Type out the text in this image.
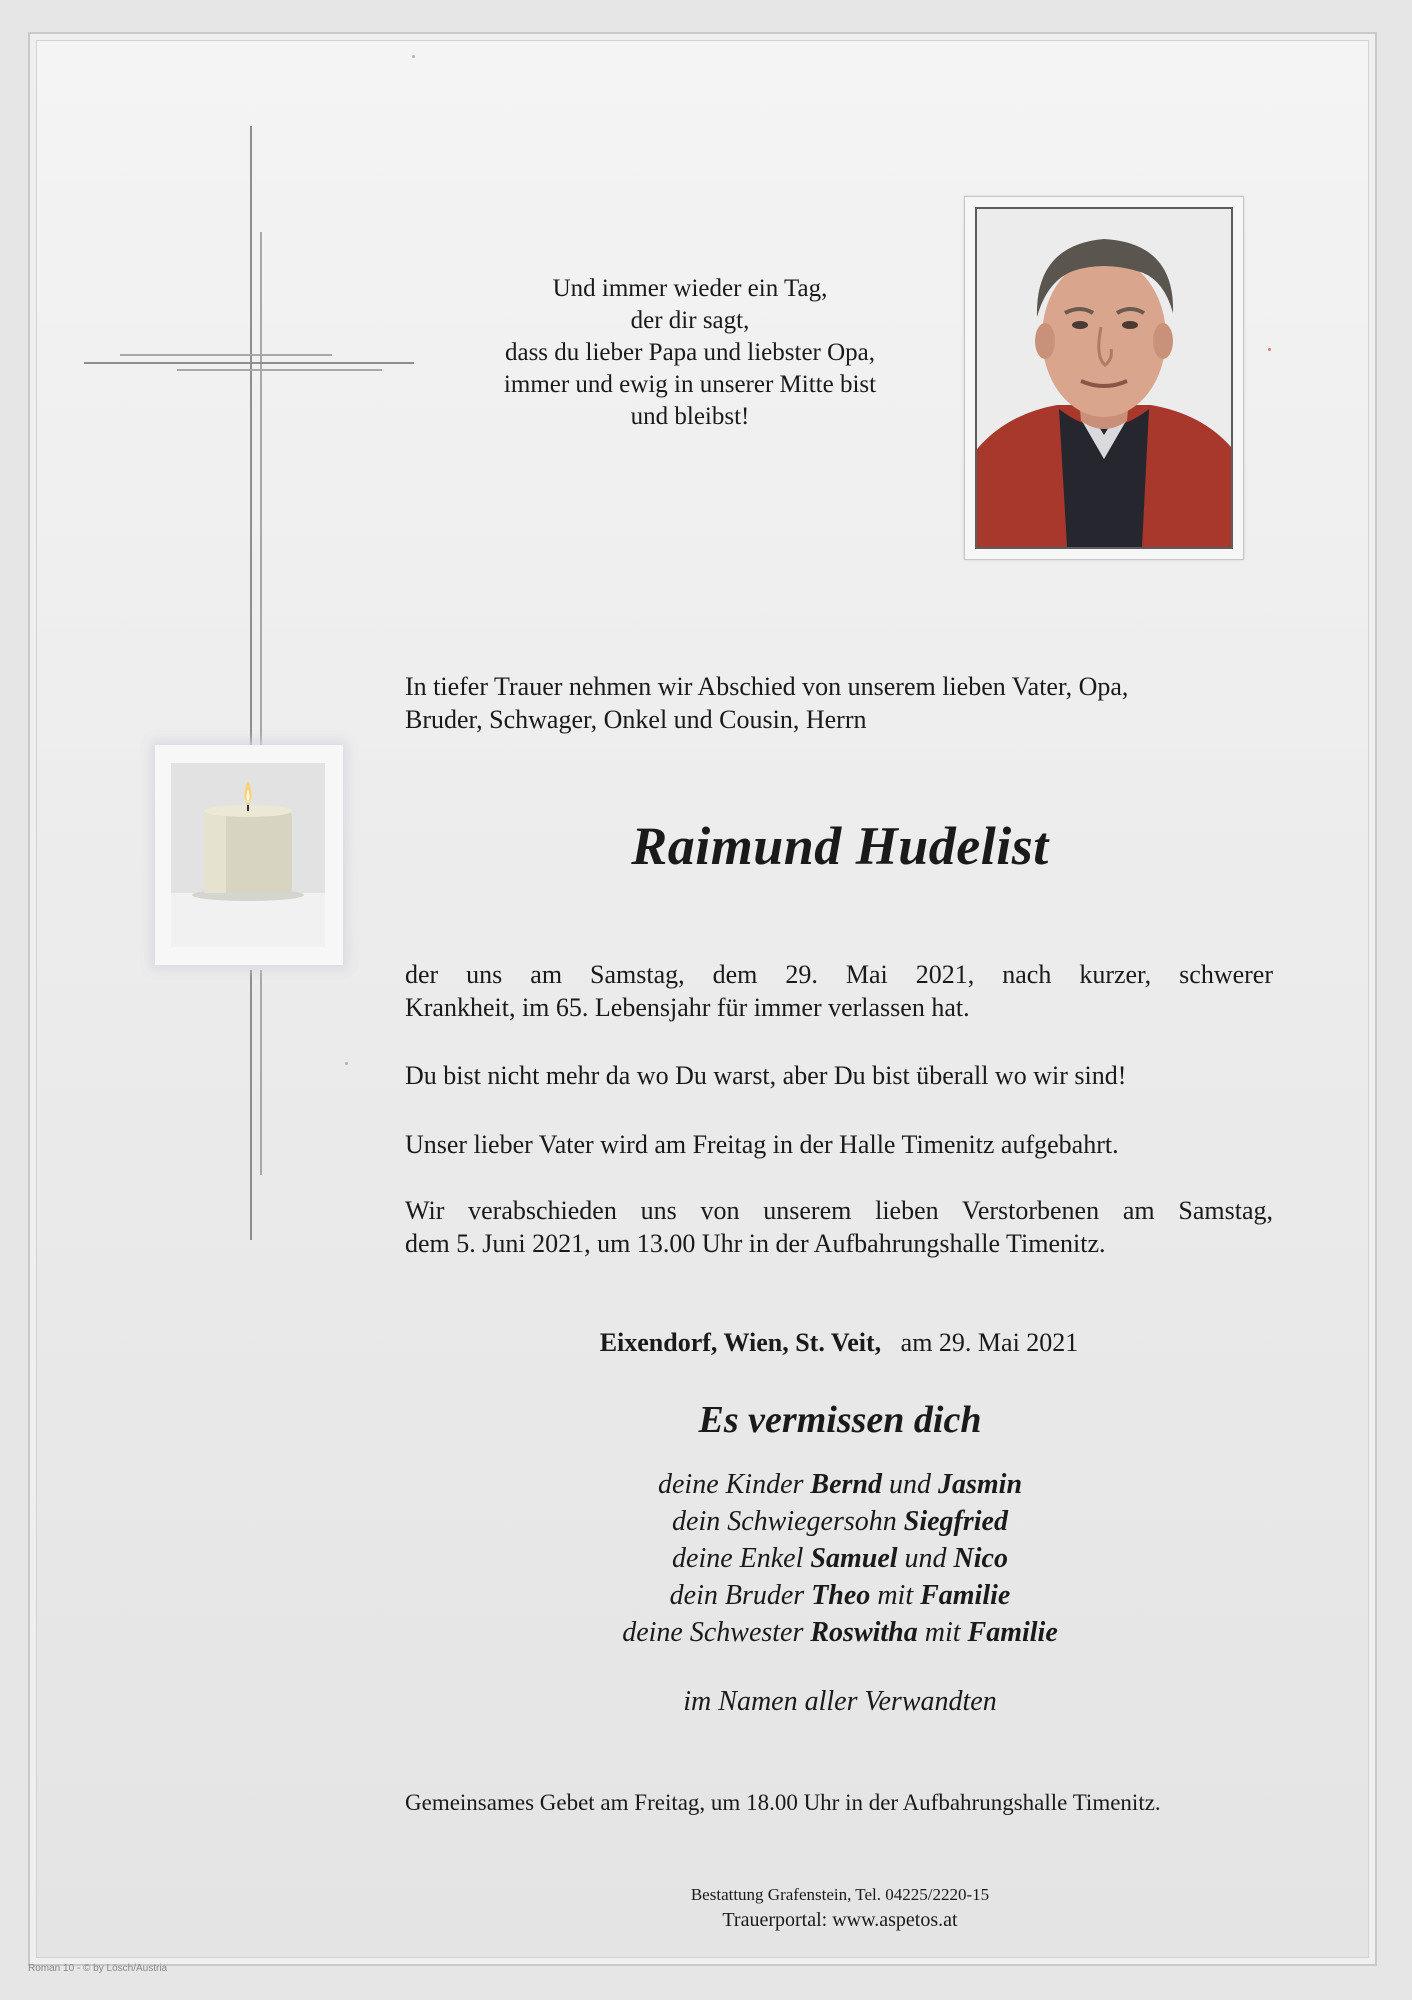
Und immer wieder ein Tag,
der dir sagt,
dass du lieber Papa und liebster Opa,
immer und ewig in unserer Mitte bist
und bleibst!
In tiefer Trauer nehmen wir Abschied von unserem lieben Vater, Opa,
Bruder, Schwager, Onkel und Cousin, Herrn
Raimund Hudelist
der uns am Samstag, dem 29. Mai 2021, nach kurzer, schwerer
Krankheit, im 65. Lebensjahr für immer verlassen hat.
Du bist nicht mehr da wo Du warst, aber Du bist überall wo wir sind!
Unser lieber Vater wird am Freitag in der Halle Timenitz aufgebahrt.
Wir verabschieden uns von unserem lieben Verstorbenen am Samstag,
dem 5. Juni 2021, um 13.00 Uhr in der Aufbahrungshalle Timenitz.
Eixendorf, Wien, St. Veit, am 29. Mai 2021
Es vermissen dich
deine Kinder Bernd und Jasmin
dein Schwiegersohn Siegfried
deine Enkel Samuel und Nico
dein Bruder Theo mit Familie
deine Schwester Roswitha mit Familie
im Namen aller Verwandten
Gemeinsames Gebet am Freitag, um 18.00 Uhr in der Aufbahrungshalle Timenitz.
Bestattung Grafenstein, Tel. 04225/2220-15
Trauerportal: www.aspetos.at
Roman 10 - © by Lösch/Austria
